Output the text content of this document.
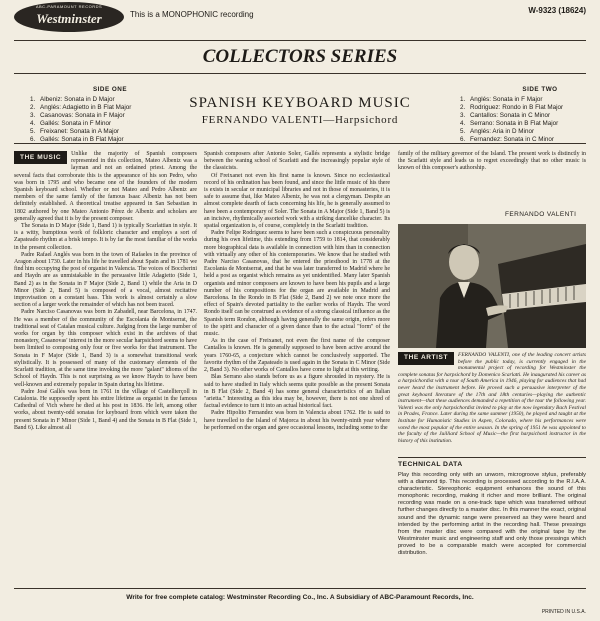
ABC-PARAMOUNT RECORDS
Westminster	This is a MONOPHONIC recording	W-9323 (18624)
COLLECTORS SERIES
SIDE ONE
1. Albeniz: Sonata in D Major
2. Anglés: Adagietto in B Flat Major
3. Casanovas: Sonata in F Major
4. Gallés: Sonata in F Minor
5. Freixanet: Sonata in A Major
6. Gallés: Sonata in B Flat Major
SPANISH KEYBOARD MUSIC
FERNANDO VALENTI—Harpsichord
SIDE TWO
1. Anglés: Sonata in F Major
2. Rodriguez: Rondo in B Flat Major
3. Cantallos: Sonata in C Minor
4. Serrano: Sonata in B Flat Major
5. Anglés: Aria in D Minor
6. Fernandez: Sonata in C Minor
THE MUSIC	Unlike the majority of Spanish composers represented in this collection, Mateo Albeniz was a layman and not an ordained priest. Among the several facts that corroborate this is the appearance of his son Pedro, who was born in 1795 and who became one of the founders of the modern Spanish keyboard school. Whether or not Mateo and Pedro Albeniz are members of the same family of the famous Isaac Albeniz has not been definitely established. A theoretical treatise appeared in San Sebastian in 1802 authored by one Mateo Antonio Pérez de Albeniz and scholars are generally agreed that it is by the present composer.

The Sonata in D Major (Side 1, Band 1) is typically Scarlattian in style. It is a witty, bumptious work of folkloric character and employs a sort of Zapateado rhythm at a brisk tempo. It is by far the most familiar of the works in the present collection.

Padre Rafael Anglés was born in the town of Rafaeles in the province of Aragon about 1730. Later in his life he travelled about Spain and in 1781 we find him occupying the post of organist in Valencia. The voices of Boccherini and Haydn are as unmistakable in the persuasive little Adagietto (Side 1, Band 2) as in the Sonata in F Major (Side 2, Band 1) while the Aria in D Minor (Side 2, Band 5) is composed of a vocal, almost recitative improvisation on a constant bass. This work is almost certainly a slow section of a larger work the remainder of which has not been traced.

Padre Narciso Casanovas was born in Zabadell, near Barcelona, in 1747. He was a member of the community of the Escolania de Montserrat, the traditional seat of Catalan musical culture. Judging from the large number of works for organ by this composer which exist in the archives of that monastery, Casanovas' interest in the more secular harpsichord seems to have been limited to composing only four or five works for that instrument. The Sonata in F Major (Side 1, Band 3) is a somewhat transitional work stylistically. It is possessed of many of the customary elements of the Scarlatti tradition, at the same time invoking the more "galant" idioms of the School of Haydn. This is not surprising as we know Haydn to have been well-known and extremely popular in Spain during his lifetime.

Padre José Gallés was born in 1761 in the village of Castellterçoll in Catalonia. He supposedly spent his entire lifetime as organist in the famous Cathedral of Vich where he died at his post in 1836. He left, among other works, about twenty-odd sonatas for keyboard from which were taken the present Sonata in F Minor (Side 1, Band 4) and the Sonata in B Flat (Side 1, Band 6). Like almost all

Spanish composers after Antonio Soler, Gallés represents a stylistic bridge between the waning school of Scarlatti and the increasingly popular style of the classicists.

Of Freixanet not even his first name is known. Since no ecclesiastical record of his ordination has been found, and since the little music of his there is exists in secular or municipal libraries and not in those of monasteries, it is safe to assume that, like Mateo Albeniz, he was not a clergyman. Despite an almost complete dearth of facts concerning his life, he is generally assumed to have been a contemporary of Soler. The Sonata in A Major (Side 1, Band 5) is an incisive, rhythmically assorted work with a striking dancelike character. Its spatial organization is, of course, completely in the Scarlatti tradition.

Padre Felipe Rodriguez seems to have been such a conspicuous personality during his own lifetime, this extending from 1759 to 1814, that considerably more biographical data is available in connection with him than in connection with virtually any other of his contemporaries. We know that he studied with Padre Narciso Casanovas, that he entered the priesthood in 1778 at the Escolania de Montserrat, and that he was later transferred to Madrid where he held a post as organist which remains as yet unidentified. Many later Spanish organists and minor composers are known to have been his pupils and a large number of his compositions for the organ are available in Madrid and Barcelona. In the Rondo in B Flat (Side 2, Band 2) we note once more the effect of Spain's devoted partiality to the earlier works of Haydn. The word Rondo itself can be construed as evidence of a strong classical influence as the Spanish term Rondon, although having generally the same origin, refers more to the spirit and character of a given dance than to the actual "form" of the music.

As in the case of Freixanet, not even the first name of the composer Cantallos is known. He is generally supposed to have been active around the years 1760-65, a conjecture which cannot be conclusively supported. The favorite rhythm of the Zapateado is used again in the Sonata in C Minor (Side 2, Band 3). No other works of Cantallos have come to light at this writing.

Blas Serrano also stands before us as a figure shrouded in mystery. He is said to have studied in Italy which seems quite possible as the present Sonata in B Flat (Side 2, Band 4) has some general characteristics of an Italian "arietta." Interesting as this idea may be, however, there is not one shred of factual evidence to turn it into an actual historical fact.

Padre Hipolito Fernandez was born in Valencia about 1762. He is said to have travelled to the Island of Majorca in about his twenty-ninth year where he performed on the organ and gave occasional lessons, including some to the

family of the military governor of the Island. The present work is distinctly in the Scarlatti style and leads us to regret exceedingly that no other music is known of this composer's authorship.

FERNANDO VALENTI
THE ARTIST	FERNANDO VALENTI, one of the leading concert artists before the public today, is currently engaged in the monumental project of recording for Westminster the complete sonatas for harpsichord by Domenico Scarlatti. He inaugurated his career as a harpsichordist with a tour of South America in 1946, playing for audiences that had never heard the instrument before. He proved such a persuasive interpreter of the great keyboard literature of the 17th and 18th centuries—playing the authentic instrument—that these audiences demanded a repetition of the tour the following year. Valenti was the only harpsichordist invited to play at the now legendary Bach Festival in Prades, France. Later during the same summer (1950), he played and taught at the Institute for Humanistic Studies in Aspen, Colorado, where his performances were voted the most popular of the entire season. In the spring of 1951 he was appointed to the faculty of the Juilliard School of Music—the first harpsichord instructor in the history of this institution.
TECHNICAL DATA
Play this recording only with an unworn, microgroove stylus, preferably with a diamond tip. This recording is processed according to the R.I.A.A. characteristic. Stereophonic equipment enhances the sound of this monophonic recording, making it richer and more brilliant. The original recording was made on a one-track tape which was transferred without further changes directly to a master disc. In this manner the exact, original sound and the dynamic range were preserved as they were heard and intended by the performing artist in the recording hall. These pressings from the master disc were compared with the original tape by the Westminster music and engineering staff and only those pressings which proved to be a comparable match were accepted for commercial distribution.
Write for free complete catalog: Westminster Recording Co., Inc. A Subsidiary of ABC-Paramount Records, Inc.
PRINTED IN U.S.A.
